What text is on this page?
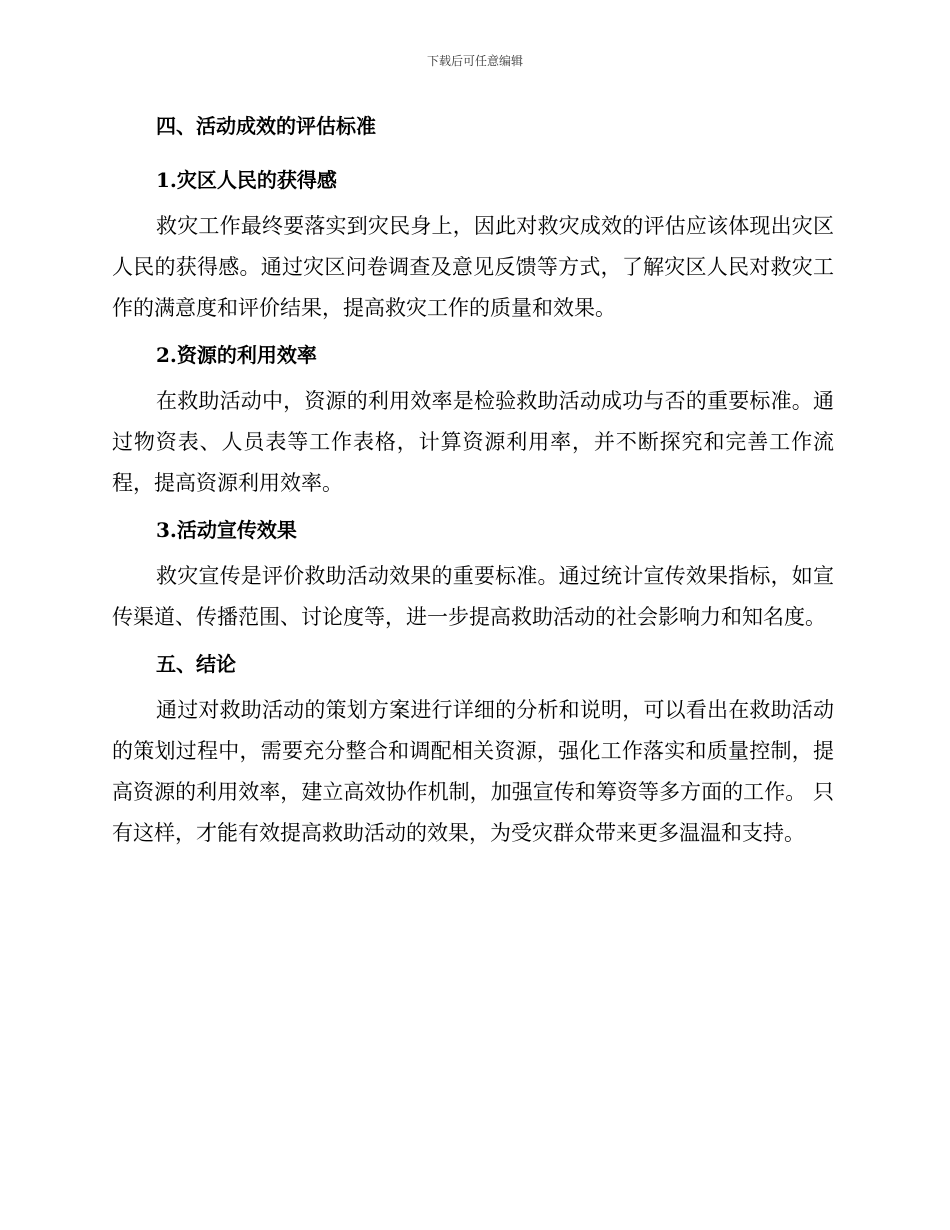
下载后可任意编辑
四、活动成效的评估标准
1.灾区人民的获得感

救灾工作最终要落实到灾民身上，因此对救灾成效的评估应该体现出灾区人民的获得感。通过灾区问卷调查及意见反馈等方式，了解灾区人民对救灾工作的满意度和评价结果，提高救灾工作的质量和效果。

2.资源的利用效率

在救助活动中，资源的利用效率是检验救助活动成功与否的重要标准。通过物资表、人员表等工作表格，计算资源利用率，并不断探究和完善工作流程，提高资源利用效率。

3.活动宣传效果

救灾宣传是评价救助活动效果的重要标准。通过统计宣传效果指标，如宣传渠道、传播范围、讨论度等，进一步提高救助活动的社会影响力和知名度。

五、结论

通过对救助活动的策划方案进行详细的分析和说明，可以看出在救助活动的策划过程中，需要充分整合和调配相关资源，强化工作落实和质量控制，提高资源的利用效率，建立高效协作机制，加强宣传和筹资等多方面的工作。 只有这样，才能有效提高救助活动的效果，为受灾群众带来更多温温和支持。
